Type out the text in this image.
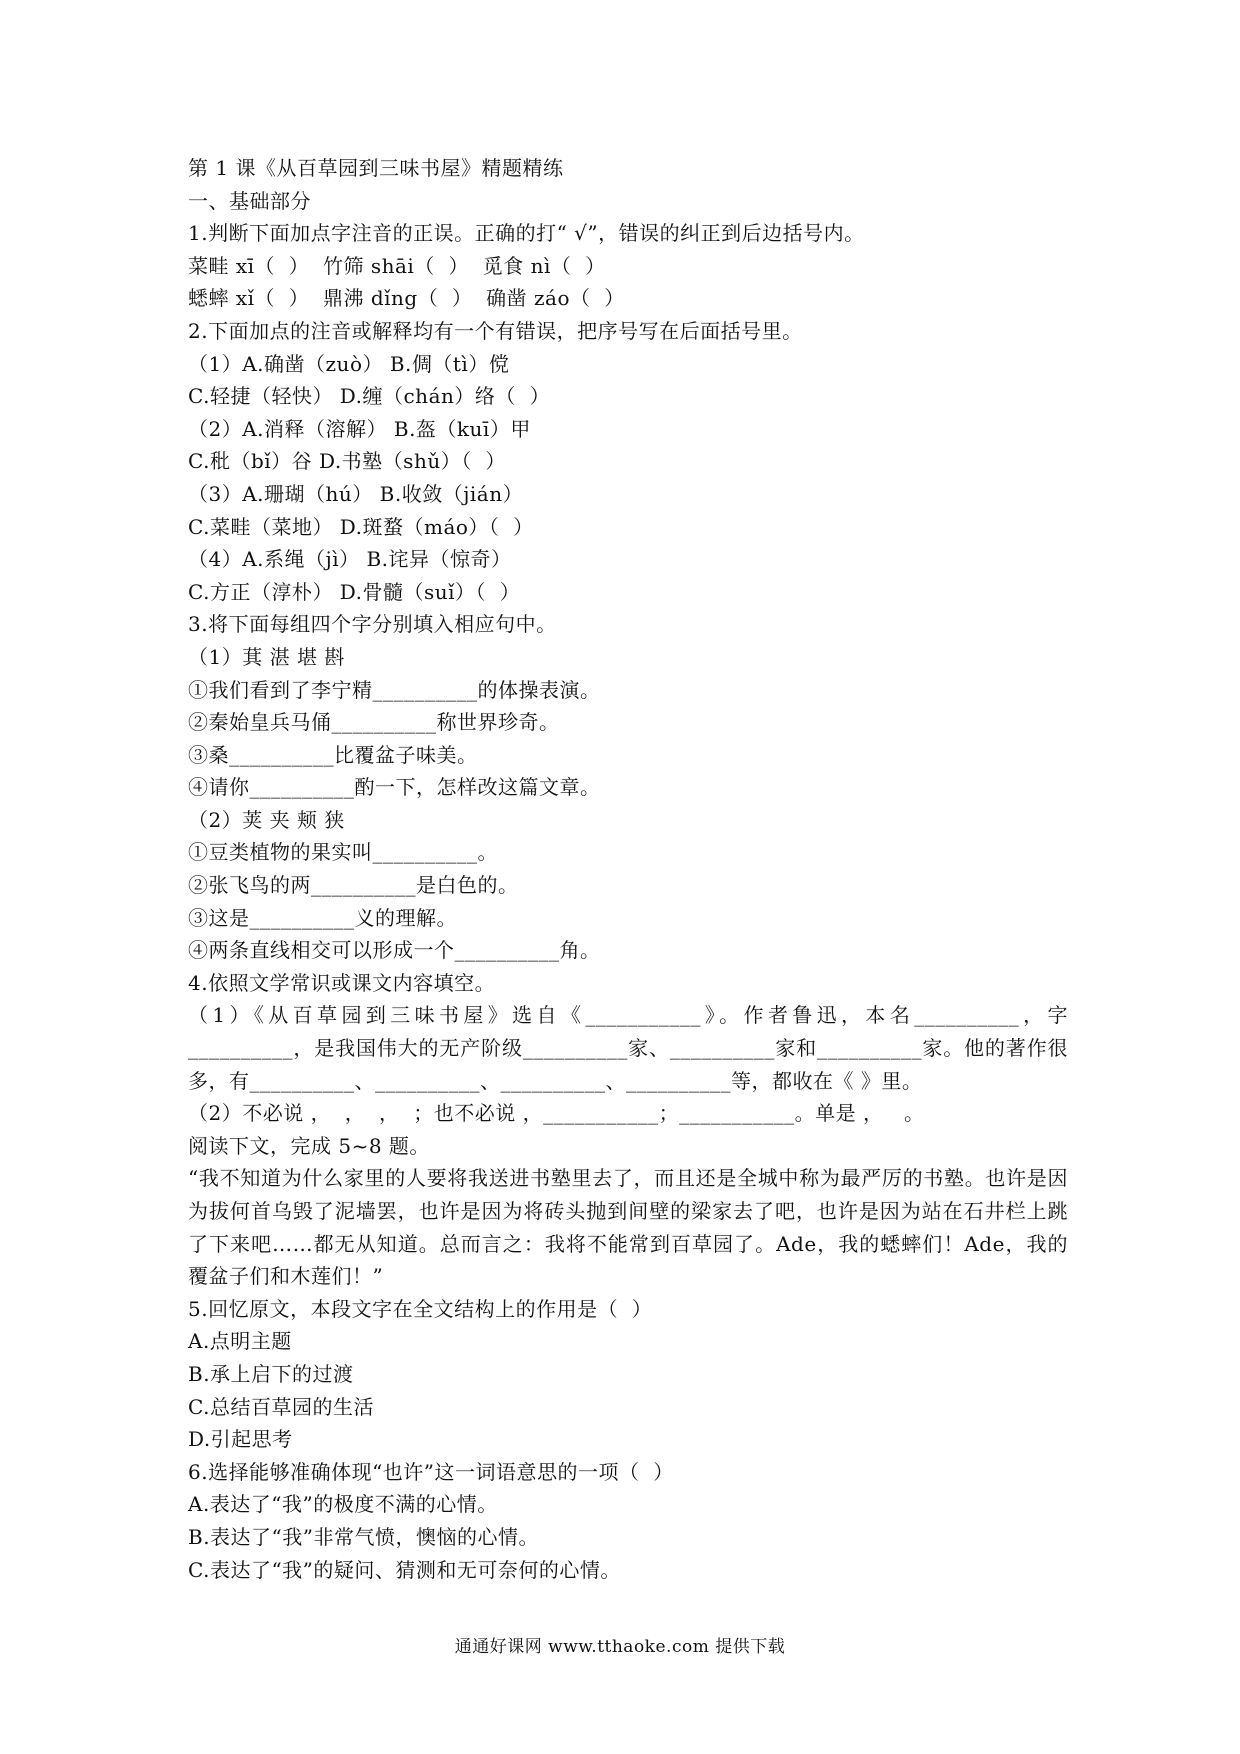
第 1 课《从百草园到三味书屋》精题精练
一、基础部分
1.判断下面加点字注音的正误。正确的打“ √”，错误的纠正到后边括号内。
菜畦 xī（  ）  竹筛 shāi（  ）  觅食 nì（  ）
蟋蟀 xǐ（  ）  鼎沸 dǐng（  ）  确凿 záo（  ）
2.下面加点的注音或解释均有一个有错误，把序号写在后面括号里。
（1）A.确凿（zuò） B.倜（tì）傥
C.轻捷（轻快） D.缠（chán）络（  ）
（2）A.消释（溶解） B.盔（kuī）甲
C.秕（bǐ）谷 D.书塾（shǔ）（  ）
（3）A.珊瑚（hú） B.收敛（jián）
C.菜畦（菜地） D.斑蝥（máo）（  ）
（4）A.系绳（jì） B.诧异（惊奇）
C.方正（淳朴） D.骨髓（suǐ）（  ）
3.将下面每组四个字分别填入相应句中。
（1）萁 湛 堪 斟
①我们看到了李宁精__________的体操表演。
②秦始皇兵马俑__________称世界珍奇。
③桑__________比覆盆子味美。
④请你__________酌一下，怎样改这篇文章。
（2）荚 夹 颊 狭
①豆类植物的果实叫__________。
②张飞鸟的两__________是白色的。
③这是__________义的理解。
④两条直线相交可以形成一个__________角。
4.依照文学常识或课文内容填空。
（1）《从百草园到三味书屋》选自《___________》。作者鲁迅，本名__________，字__________，是我国伟大的无产阶级__________家、__________家和__________家。他的著作很多，有__________、__________、__________、__________等，都收在《 》里。
（2）不必说 ，  ，  ，  ；也不必说 ，___________；___________。单是 ，   。
阅读下文，完成 5~8 题。
“我不知道为什么家里的人要将我送进书塾里去了，而且还是全城中称为最严厉的书塾。也许是因为拔何首乌毁了泥墙罢，也许是因为将砖头抛到间壁的梁家去了吧，也许是因为站在石井栏上跳了下来吧……都无从知道。总而言之：我将不能常到百草园了。Ade，我的蟋蟀们！Ade，我的覆盆子们和木莲们！”
5.回忆原文，本段文字在全文结构上的作用是（  ）
A.点明主题
B.承上启下的过渡
C.总结百草园的生活
D.引起思考
6.选择能够准确体现“也许”这一词语意思的一项（  ）
A.表达了“我”的极度不满的心情。
B.表达了“我”非常气愤，懊恼的心情。
C.表达了“我”的疑问、猜测和无可奈何的心情。
通通好课网 www.tthaoke.com 提供下载
